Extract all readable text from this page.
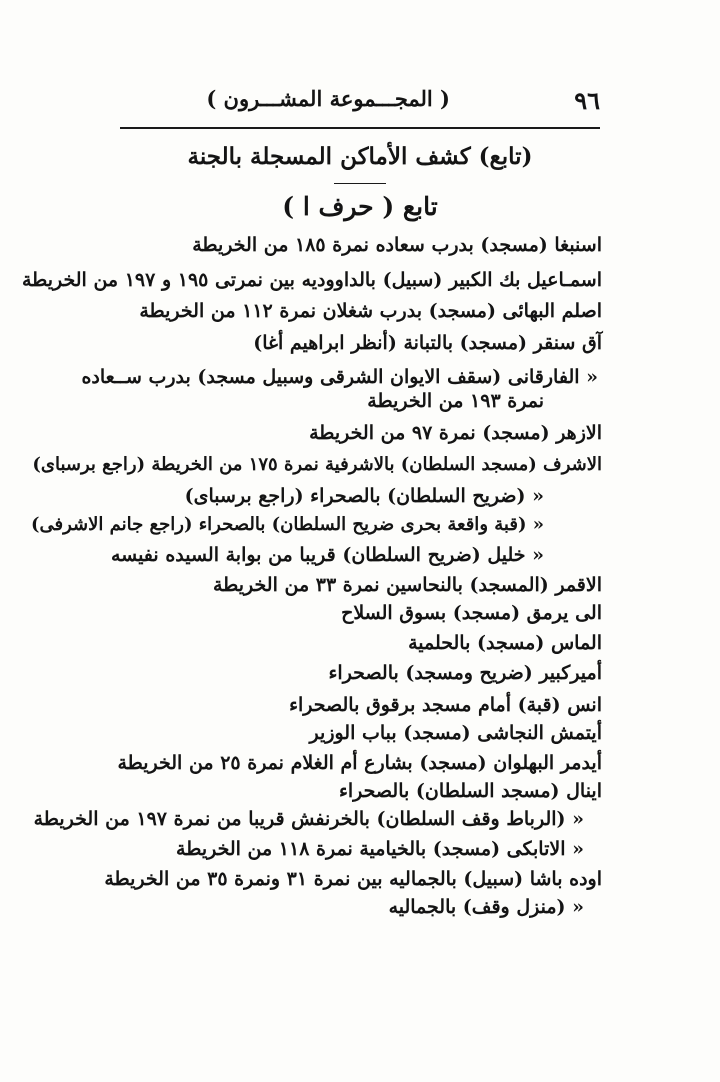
٩٦
( المجـــموعة المشـــرون )
(تابع) كشف الأماكن المسجلة بالجنة
تابع ( حرف ا )
اسنبغا (مسجد) بدرب سعاده نمرة ١٨٥ من الخريطة
اسمـاعيل بك الكبير (سبيل) بالداووديه بين نمرتى ١٩٥ و ١٩٧ من الخريطة
اصلم البهائى (مسجد) بدرب شغلان نمرة ١١٢ من الخريطة
آق سنقر (مسجد) بالتبانة (أنظر ابراهيم أغا)
« الفارقانى (سقف الايوان الشرقى وسبيل مسجد) بدرب ســعاده
نمرة ١٩٣ من الخريطة
الازهر (مسجد) نمرة ٩٧ من الخريطة
الاشرف (مسجد السلطان) بالاشرفية نمرة ١٧٥ من الخريطة (راجع برسباى)
« (ضريح السلطان) بالصحراء (راجع برسباى)
« (قبة واقعة بحرى ضريح السلطان) بالصحراء (راجع جانم الاشرفى)
« خليل (ضريح السلطان) قريبا من بوابة السيده نفيسه
الاقمر (المسجد) بالنحاسين نمرة ٣٣ من الخريطة
الى يرمق (مسجد) بسوق السلاح
الماس (مسجد) بالحلمية
أميركبير (ضريح ومسجد) بالصحراء
انس (قبة) أمام مسجد برقوق بالصحراء
أيتمش النجاشى (مسجد) بباب الوزير
أيدمر البهلوان (مسجد) بشارع أم الغلام نمرة ٢٥ من الخريطة
اينال (مسجد السلطان) بالصحراء
« (الرباط وقف السلطان) بالخرنفش قريبا من نمرة ١٩٧ من الخريطة
« الاتابكى (مسجد) بالخيامية نمرة ١١٨ من الخريطة
اوده باشا (سبيل) بالجماليه بين نمرة ٣١ ونمرة ٣٥ من الخريطة
« (منزل وقف) بالجماليه
